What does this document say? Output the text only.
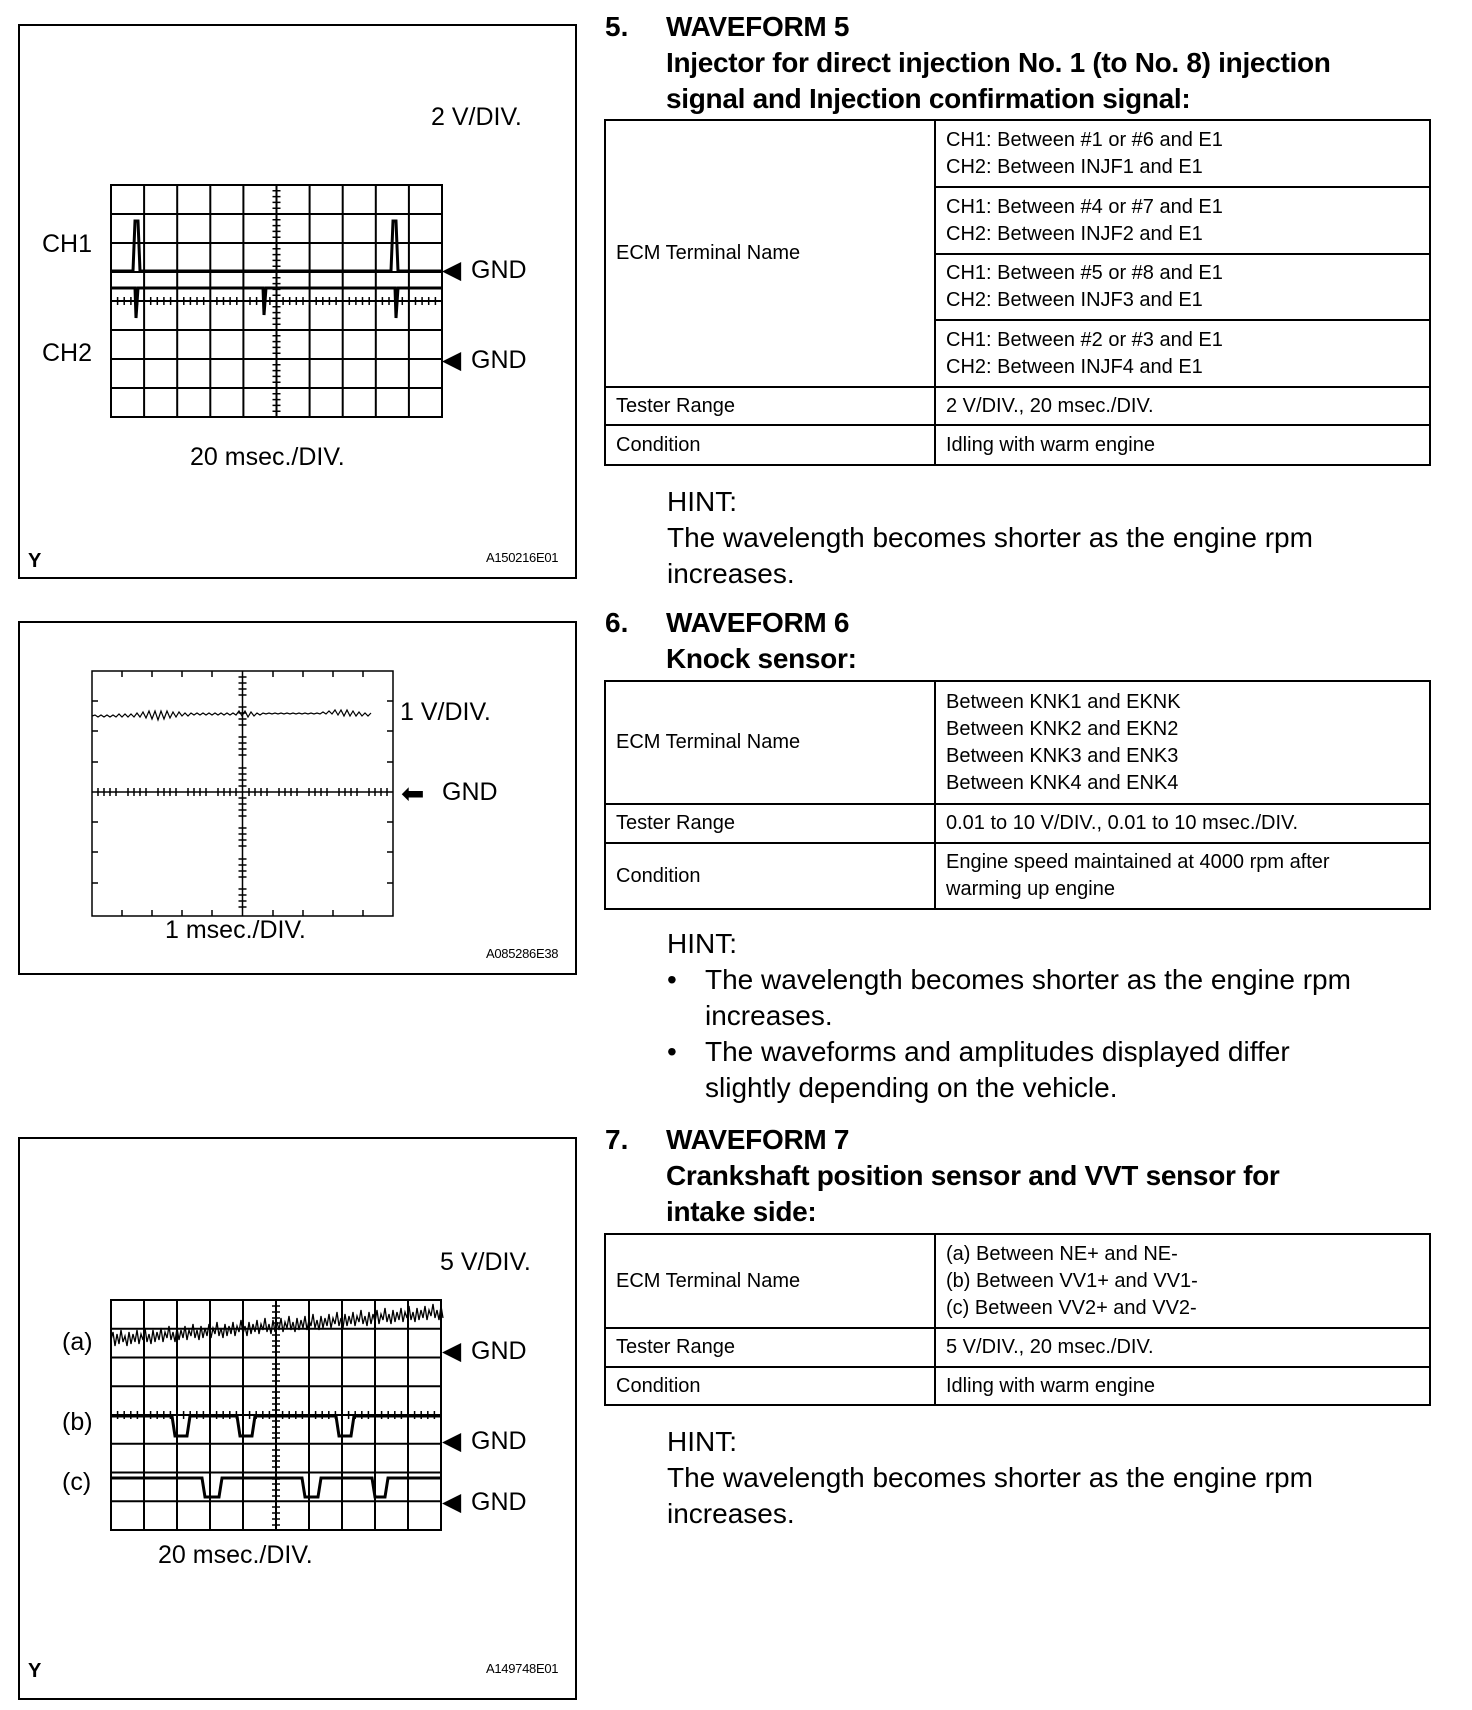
2 V/DIV.
CH1
CH2
◀ GND
◀ GND
20 msec./DIV.
Y	A150216E01
1 V/DIV.
⬅ GND
1 msec./DIV.
A085286E38
5 V/DIV.
(a)
(b)
(c)
◀ GND
◀ GND
◀ GND
20 msec./DIV.
Y	A149748E01
5. WAVEFORM 5
Injector for direct injection No. 1 (to No. 8) injection
signal and Injection confirmation signal:
ECM Terminal Name	CH1: Between #1 or #6 and E1
CH2: Between INJF1 and E1

	CH1: Between #4 or #7 and E1
CH2: Between INJF2 and E1

	CH1: Between #5 or #8 and E1
CH2: Between INJF3 and E1

	CH1: Between #2 or #3 and E1
CH2: Between INJF4 and E1

Tester Range	2 V/DIV., 20 msec./DIV.
Condition	Idling with warm engine
HINT:
The wavelength becomes shorter as the engine rpm
increases.
6. WAVEFORM 6
Knock sensor:
ECM Terminal Name	Between KNK1 and EKNK
Between KNK2 and EKN2
Between KNK3 and ENK3
Between KNK4 and ENK4

Tester Range	0.01 to 10 V/DIV., 0.01 to 10 msec./DIV.
Condition	Engine speed maintained at 4000 rpm after
warming up engine
HINT:
• The wavelength becomes shorter as the engine rpm
increases.
• The waveforms and amplitudes displayed differ
slightly depending on the vehicle.
7. WAVEFORM 7
Crankshaft position sensor and VVT sensor for
intake side:
ECM Terminal Name	(a) Between NE+ and NE-
(b) Between VV1+ and VV1-
(c) Between VV2+ and VV2-

Tester Range	5 V/DIV., 20 msec./DIV.
Condition	Idling with warm engine
HINT:
The wavelength becomes shorter as the engine rpm
increases.
